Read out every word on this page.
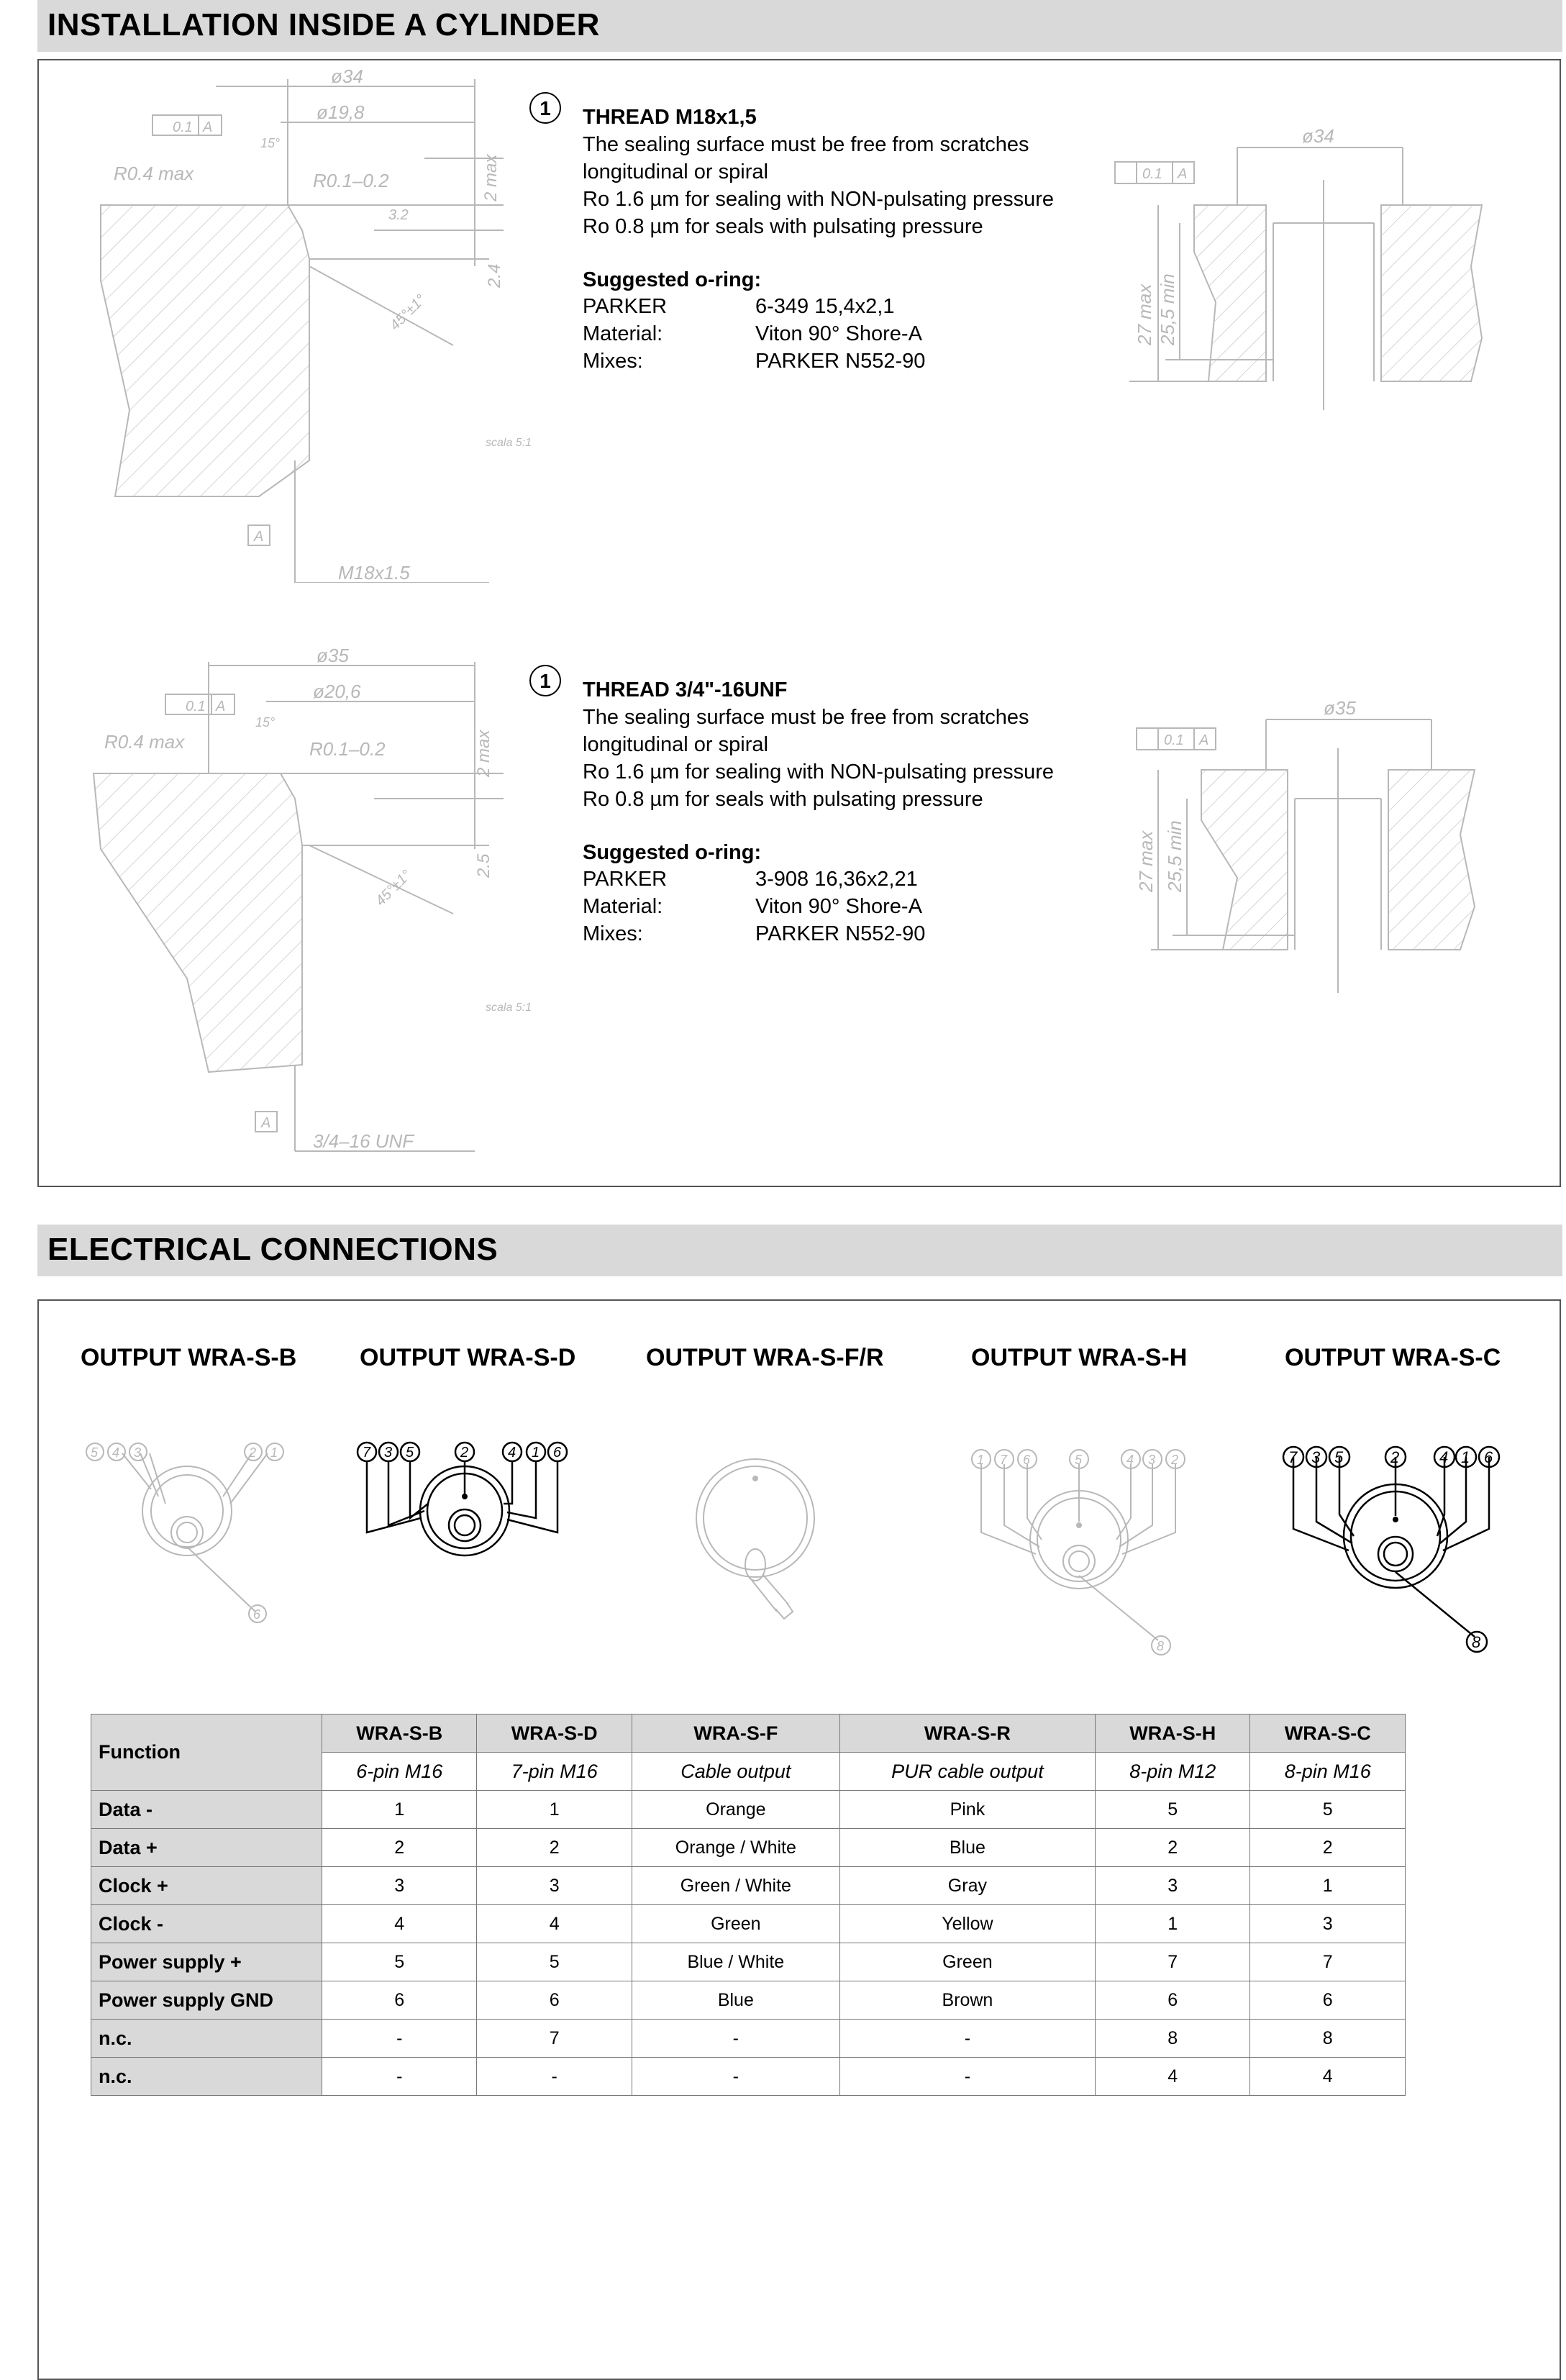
INSTALLATION INSIDE A CYLINDER
ø34
ø19,8
0.1 A
R0.4 max	R0.1–0.2	2 max
2.4
3.2
15°
45°±1°
scala 5:1
A
M18x1.5
1	THREAD M18x1,5
The sealing surface must be free from scratches
longitudinal or spiral
Ro 1.6 µm for sealing with NON-pulsating pressure
Ro 0.8 µm for seals with pulsating pressure
Suggested o-ring:
PARKER	6-349 15,4x2,1
Material:	Viton 90° Shore-A
Mixes:	PARKER N552-90
ø34
0.1 A
27 max 25,5 min
ø35
ø20,6
0.1 A
R0.4 max	R0.1–0.2	2 max
2.5
15°
45°±1°
scala 5:1
A
3/4–16 UNF
1	THREAD 3/4"-16UNF
The sealing surface must be free from scratches
longitudinal or spiral
Ro 1.6 µm for sealing with NON-pulsating pressure
Ro 0.8 µm for seals with pulsating pressure
Suggested o-ring:
PARKER	3-908 16,36x2,21
Material:	Viton 90° Shore-A
Mixes:	PARKER N552-90
ø35
0.1 A
27 max 25,5 min
ELECTRICAL CONNECTIONS
OUTPUT WRA-S-B	OUTPUT WRA-S-D	OUTPUT WRA-S-F/R	OUTPUT WRA-S-H	OUTPUT WRA-S-C
5 4 3	2 1
6
7 3 5	2	4 1 6	1 7 6	5	4 3 2
8
7 3 5	2	4 1 6
8
Function	WRA-S-B	WRA-S-D	WRA-S-F	WRA-S-R	WRA-S-H	WRA-S-C
	6-pin M16	7-pin M16	Cable output	PUR cable output	8-pin M12	8-pin M16
Data -	1	1	Orange	Pink	5	5
Data +	2	2	Orange / White	Blue	2	2
Clock +	3	3	Green / White	Gray	3	1
Clock -	4	4	Green	Yellow	1	3
Power supply +	5	5	Blue / White	Green	7	7
Power supply GND	6	6	Blue	Brown	6	6
n.c.	-	7	-	-	8	8
n.c.	-	-	-	-	4	4
